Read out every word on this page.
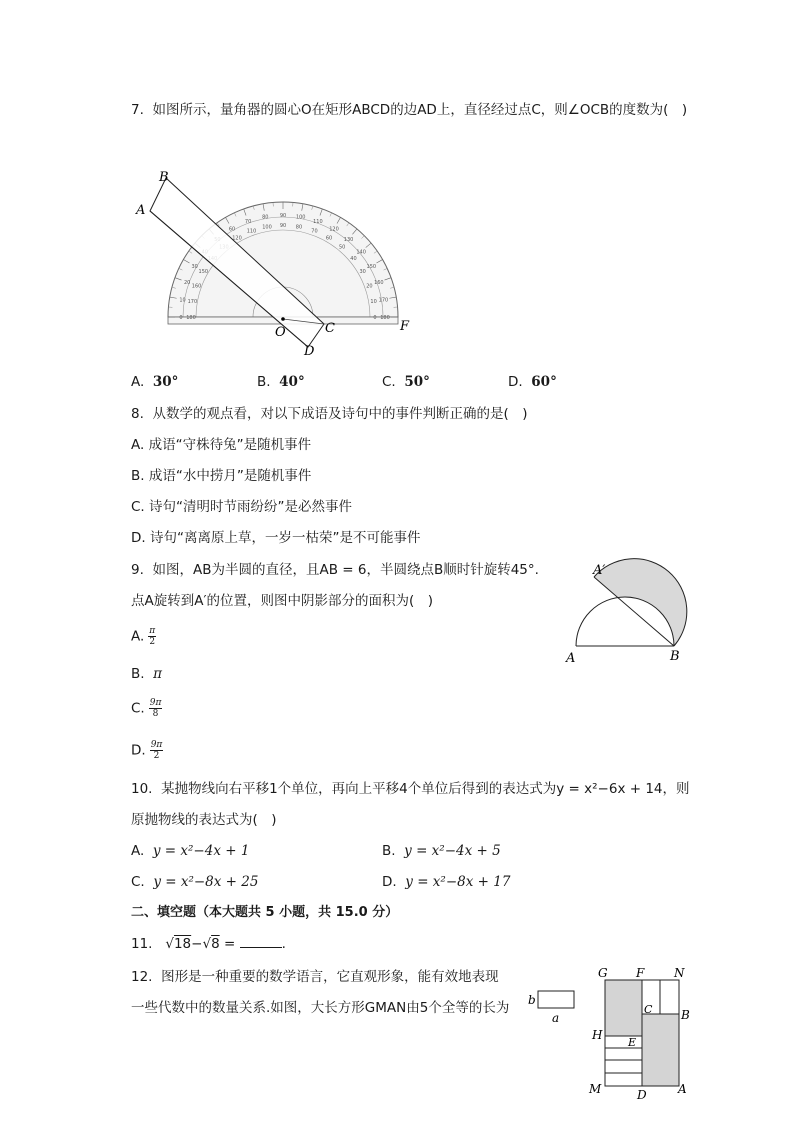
7. 如图所示，量角器的圆心O在矩形ABCD的边AD上，直径经过点C，则∠OCB的度数为(　)
0 180
10 170
20
160
30
150
60
120
70
110
80
100
90
90
100
80
110
70 120
60 130
50
140
40
150
30
160
20
170
10
180
0
A
B
C
D
O	F
A. 30°	B. 40°	C. 50°	D. 60°
8. 从数学的观点看，对以下成语及诗句中的事件判断正确的是(　)
A. 成语“守株待兔”是随机事件
B. 成语“水中捞月”是随机事件
C. 诗句“清明时节雨纷纷”是必然事件
D. 诗句“离离原上草，一岁一枯荣”是不可能事件
9. 如图，AB为半圆的直径，且AB = 6，半圆绕点B顺时针旋转45°.
点A旋转到A′的位置，则图中阴影部分的面积为(　)
A	B
A′
A. $\frac{\pi}{2}$
B. π
C. $\frac{9\pi}{8}$
D. $\frac{9\pi}{2}$
10. 某抛物线向右平移1个单位，再向上平移4个单位后得到的表达式为y = x²−6x + 14，则
原抛物线的表达式为(　)
A. y = x²−4x + 1	B. y = x²−4x + 5
C. y = x²−8x + 25	D. y = x²−8x + 17
二、填空题（本大题共 5 小题，共 15.0 分）
11.   √18−√8 =	.
12. 图形是一种重要的数学语言，它直观形象，能有效地表现
一些代数中的数量关系.如图，大长方形GMAN由5个全等的长为 b
a
G F N
C B
H
E
M	D	A
